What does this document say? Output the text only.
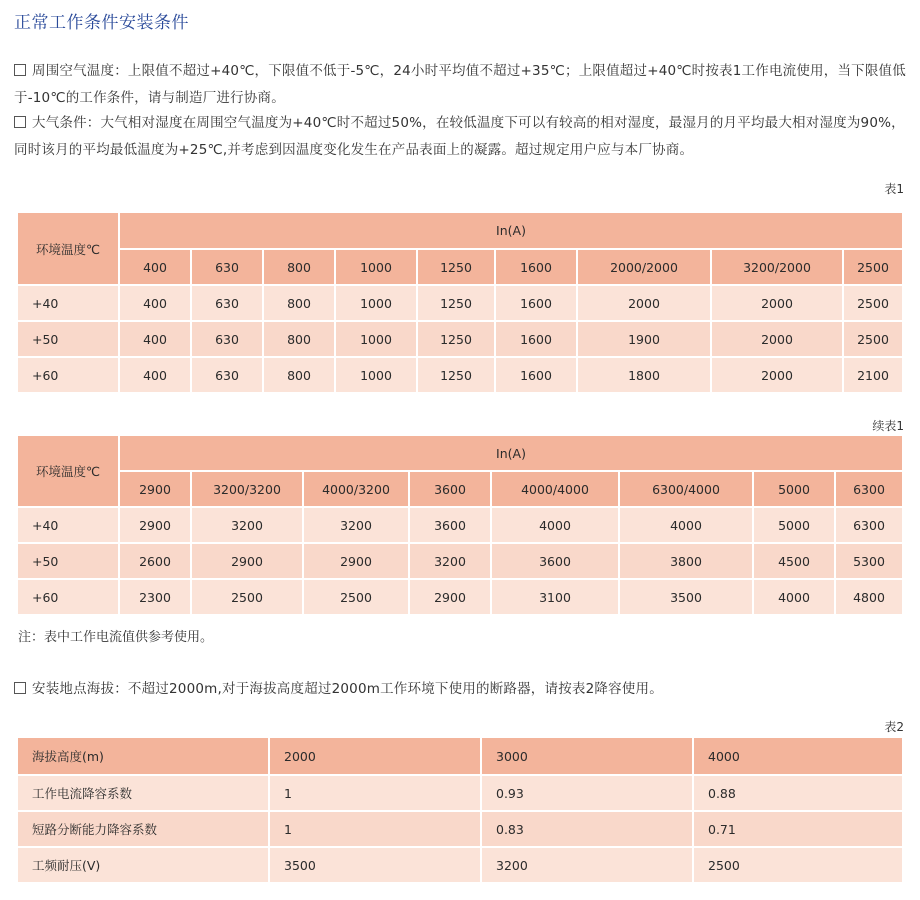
正常工作条件安装条件
周围空气温度：上限值不超过+40℃，下限值不低于-5℃，24小时平均值不超过+35℃；上限值超过+40℃时按表1工作电流使用，当下限值低于-10℃的工作条件，请与制造厂进行协商。
大气条件：大气相对湿度在周围空气温度为+40℃时不超过50%，在较低温度下可以有较高的相对湿度，最湿月的月平均最大相对湿度为90%，同时该月的平均最低温度为+25℃,并考虑到因温度变化发生在产品表面上的凝露。超过规定用户应与本厂协商。
表1
环境温度℃	In(A)								
	400	630	800	1000	1250	1600	2000/2000	3200/2000	2500
+40	400	630	800	1000	1250	1600	2000	2000	2500
+50	400	630	800	1000	1250	1600	1900	2000	2500
+60	400	630	800	1000	1250	1600	1800	2000	2100
续表1
环境温度℃	In(A)							
	2900	3200/3200	4000/3200	3600	4000/4000	6300/4000	5000	6300
+40	2900	3200	3200	3600	4000	4000	5000	6300
+50	2600	2900	2900	3200	3600	3800	4500	5300
+60	2300	2500	2500	2900	3100	3500	4000	4800
注：表中工作电流值供参考使用。
安装地点海拔：不超过2000m,对于海拔高度超过2000m工作环境下使用的断路器，请按表2降容使用。
表2
海拔高度(m)	2000	3000	4000
工作电流降容系数	1	0.93	0.88
短路分断能力降容系数	1	0.83	0.71
工频耐压(V)	3500	3200	2500
